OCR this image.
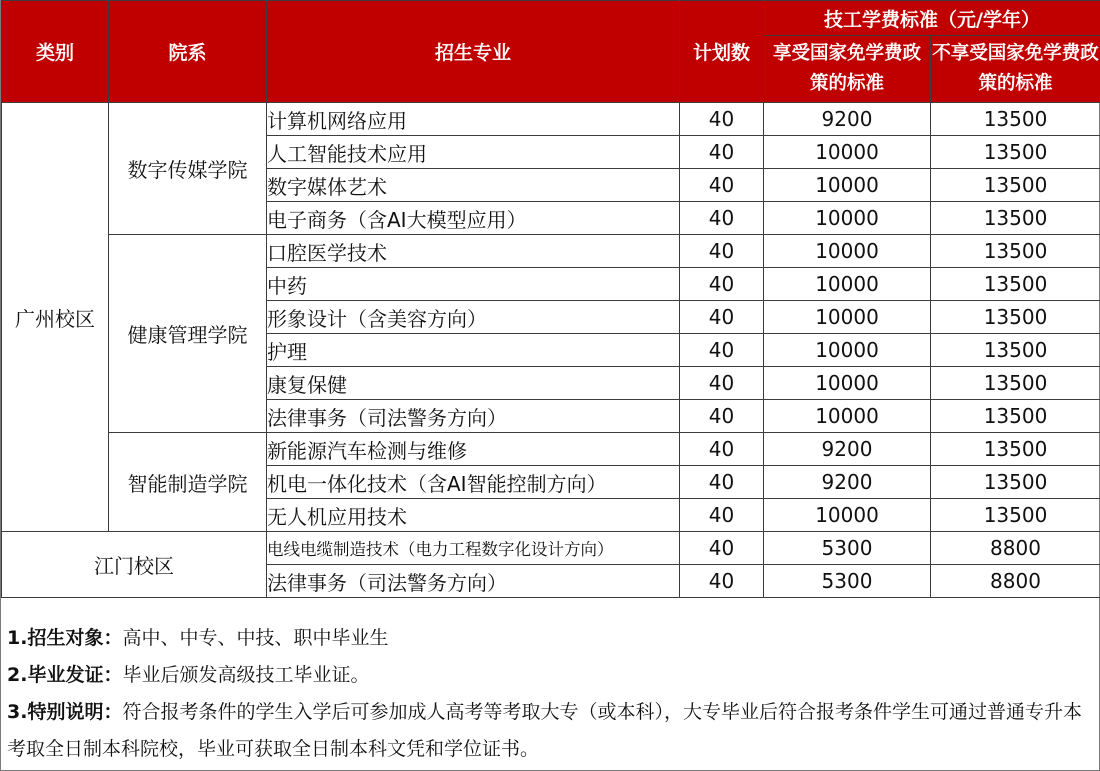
类别	院系	招生专业	计划数	技工学费标准（元/学年）	
				享受国家免学费政策的标准	不享受国家免学费政策的标准
广州校区	数字传媒学院	计算机网络应用	40	9200	13500
		人工智能技术应用	40	10000	13500
		数字媒体艺术	40	10000	13500
		电子商务（含AI大模型应用）	40	10000	13500
	健康管理学院	口腔医学技术	40	10000	13500
		中药	40	10000	13500
		形象设计（含美容方向）	40	10000	13500
		护理	40	10000	13500
		康复保健	40	10000	13500
		法律事务（司法警务方向）	40	10000	13500
	智能制造学院	新能源汽车检测与维修	40	9200	13500
		机电一体化技术（含AI智能控制方向）	40	9200	13500
		无人机应用技术	40	10000	13500
江门校区		电线电缆制造技术（电力工程数字化设计方向）	40	5300	8800
		法律事务（司法警务方向）	40	5300	8800

1.招生对象：高中、中专、中技、职中毕业生

2.毕业发证：毕业后颁发高级技工毕业证。

3.特别说明：符合报考条件的学生入学后可参加成人高考等考取大专（或本科），大专毕业后符合报考条件学生可通过普通专升本考取全日制本科院校，毕业可获取全日制本科文凭和学位证书。
